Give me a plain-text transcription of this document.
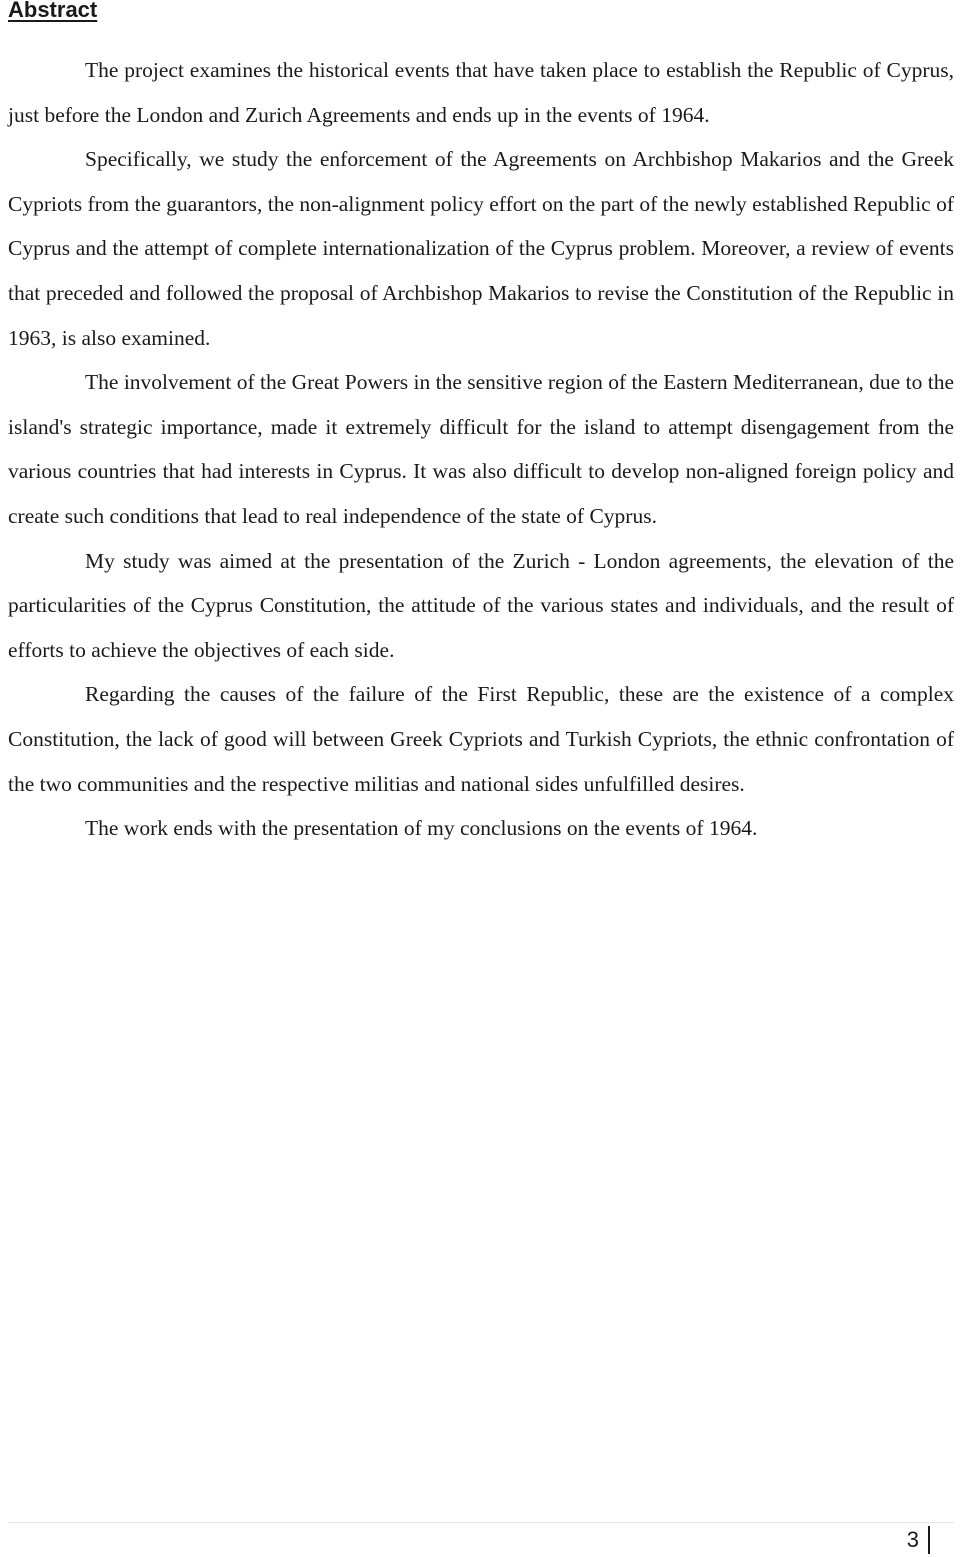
Abstract

The project examines the historical events that have taken place to establish the Republic of Cyprus, just before the London and Zurich Agreements and ends up in the events of 1964.

Specifically, we study the enforcement of the Agreements on Archbishop Makarios and the Greek Cypriots from the guarantors, the non-alignment policy effort on the part of the newly established Republic of Cyprus and the attempt of complete internationalization of the Cyprus problem. Moreover, a review of events that preceded and followed the proposal of Archbishop Makarios to revise the Constitution of the Republic in 1963, is also examined.

The involvement of the Great Powers in the sensitive region of the Eastern Mediterranean, due to the island's strategic importance, made it extremely difficult for the island to attempt disengagement from the various countries that had interests in Cyprus. It was also difficult to develop non-aligned foreign policy and create such conditions that lead to real independence of the state of Cyprus.

My study was aimed at the presentation of the Zurich - London agreements, the elevation of the particularities of the Cyprus Constitution, the attitude of the various states and individuals, and the result of efforts to achieve the objectives of each side.

Regarding the causes of the failure of the First Republic, these are the existence of a complex Constitution, the lack of good will between Greek Cypriots and Turkish Cypriots, the ethnic confrontation of the two communities and the respective militias and national sides unfulfilled desires.

The work ends with the presentation of my conclusions on the events of 1964.

3
